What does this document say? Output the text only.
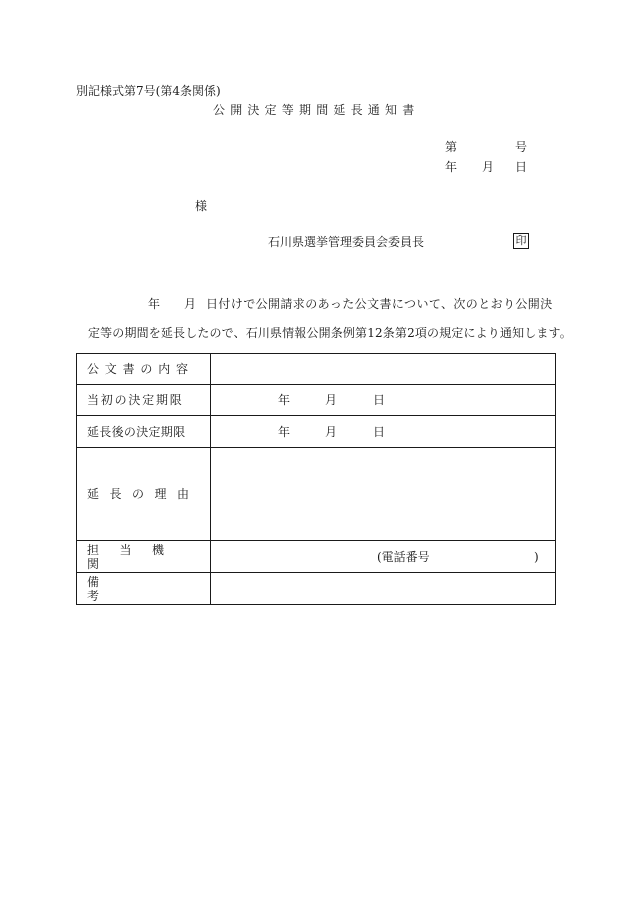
別記様式第7号(第4条関係)
公開決定等期間延長通知書
第	号
年 月 日
様
石川県選挙管理委員会委員長	印
年 月 日付けで公開請求のあった公文書について、次のとおり公開決
定等の期間を延長したので、石川県情報公開条例第12条第2項の規定により通知します。
公文書の内容	

当初の決定期限	年 月 日

延長後の決定期限	年 月 日

延長の理由	
担当機関	(電話番号 )

備考	
